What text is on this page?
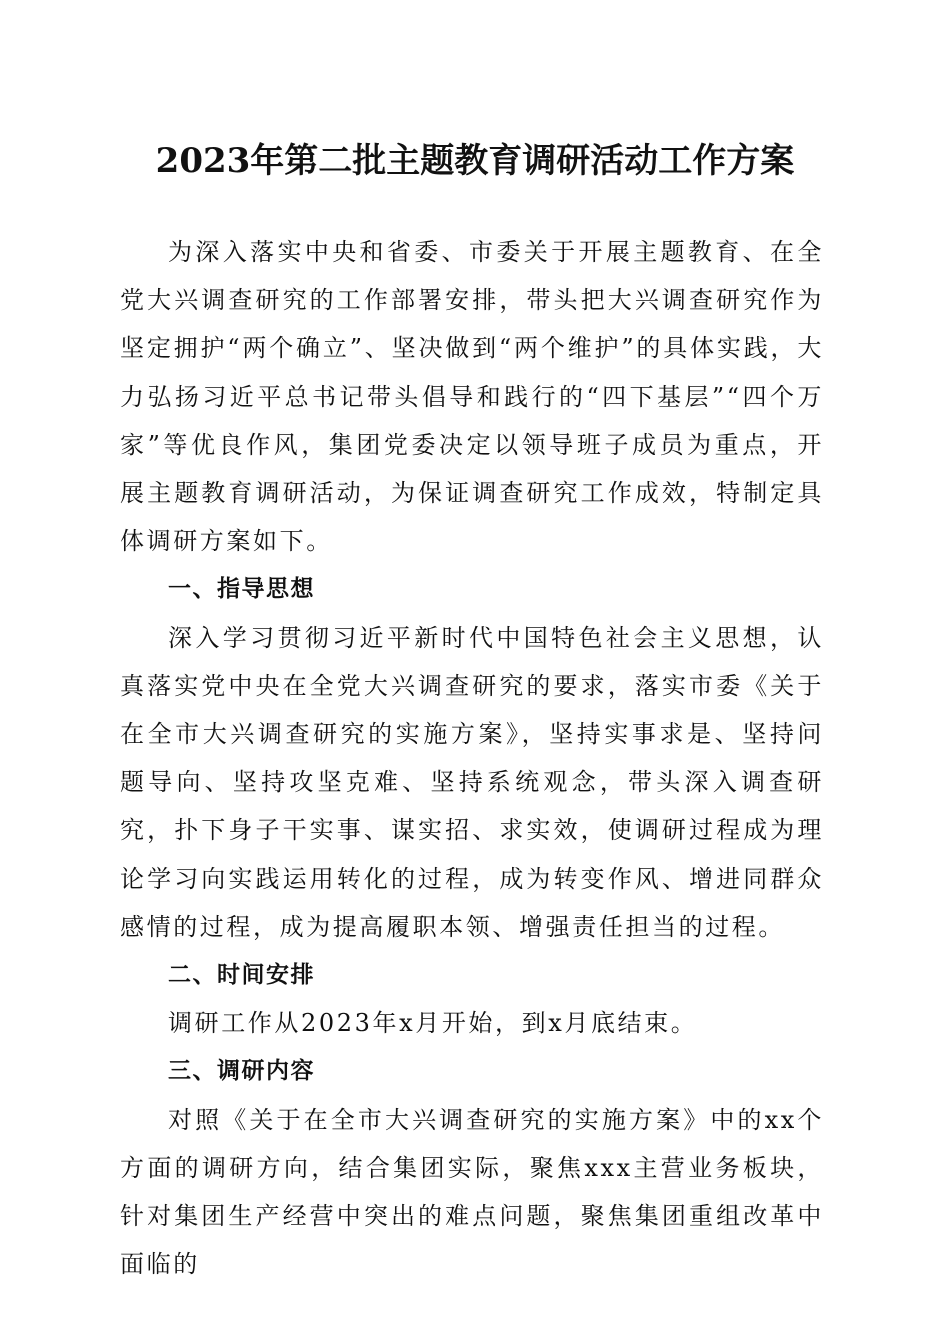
2023年第二批主题教育调研活动工作方案

为深入落实中央和省委、市委关于开展主题教育、在全党大兴调查研究的工作部署安排，带头把大兴调查研究作为坚定拥护“两个确立”、坚决做到“两个维护”的具体实践，大力弘扬习近平总书记带头倡导和践行的“四下基层”“四个万家”等优良作风，集团党委决定以领导班子成员为重点，开展主题教育调研活动，为保证调查研究工作成效，特制定具体调研方案如下。

一、指导思想

深入学习贯彻习近平新时代中国特色社会主义思想，认真落实党中央在全党大兴调查研究的要求，落实市委《关于在全市大兴调查研究的实施方案》，坚持实事求是、坚持问题导向、坚持攻坚克难、坚持系统观念，带头深入调查研究，扑下身子干实事、谋实招、求实效，使调研过程成为理论学习向实践运用转化的过程，成为转变作风、增进同群众感情的过程，成为提高履职本领、增强责任担当的过程。

二、时间安排

调研工作从2023年x月开始，到x月底结束。

三、调研内容

对照《关于在全市大兴调查研究的实施方案》中的xx个方面的调研方向，结合集团实际，聚焦xxx主营业务板块，针对集团生产经营中突出的难点问题，聚焦集团重组改革中面临的
